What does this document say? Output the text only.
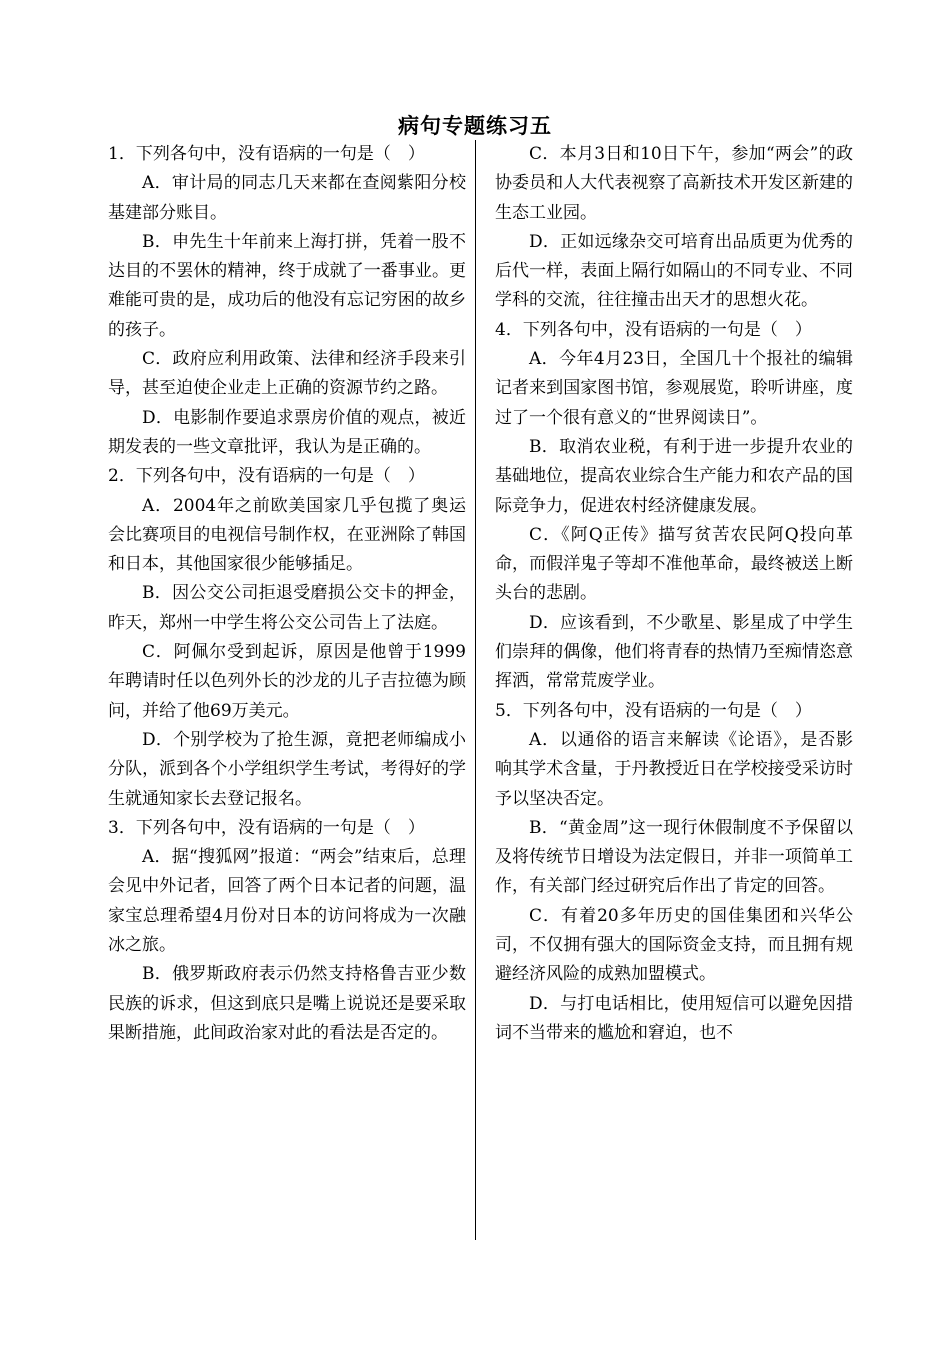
病句专题练习五

1．下列各句中，没有语病的一句是（　）

A．审计局的同志几天来都在查阅紫阳分校基建部分账目。

B．申先生十年前来上海打拼，凭着一股不达目的不罢休的精神，终于成就了一番事业。更难能可贵的是，成功后的他没有忘记穷困的故乡的孩子。

C．政府应利用政策、法律和经济手段来引导，甚至迫使企业走上正确的资源节约之路。

D．电影制作要追求票房价值的观点，被近期发表的一些文章批评，我认为是正确的。

2．下列各句中，没有语病的一句是（　）

A．2004年之前欧美国家几乎包揽了奥运会比赛项目的电视信号制作权，在亚洲除了韩国和日本，其他国家很少能够插足。

B．因公交公司拒退受磨损公交卡的押金，昨天，郑州一中学生将公交公司告上了法庭。

C．阿佩尔受到起诉，原因是他曾于1999年聘请时任以色列外长的沙龙的儿子吉拉德为顾问，并给了他69万美元。

D．个别学校为了抢生源，竟把老师编成小分队，派到各个小学组织学生考试，考得好的学生就通知家长去登记报名。

3．下列各句中，没有语病的一句是（　）

A．据“搜狐网”报道：“两会”结束后，总理会见中外记者，回答了两个日本记者的问题，温家宝总理希望4月份对日本的访问将成为一次融冰之旅。

B．俄罗斯政府表示仍然支持格鲁吉亚少数民族的诉求，但这到底只是嘴上说说还是要采取果断措施，此间政治家对此的看法是否定的。

C．本月3日和10日下午，参加“两会”的政协委员和人大代表视察了高新技术开发区新建的生态工业园。

D．正如远缘杂交可培育出品质更为优秀的后代一样，表面上隔行如隔山的不同专业、不同学科的交流，往往撞击出天才的思想火花。

4．下列各句中，没有语病的一句是（　）

A．今年4月23日，全国几十个报社的编辑记者来到国家图书馆，参观展览，聆听讲座，度过了一个很有意义的“世界阅读日”。

B．取消农业税，有利于进一步提升农业的基础地位，提高农业综合生产能力和农产品的国际竞争力，促进农村经济健康发展。

C．《阿Q正传》描写贫苦农民阿Q投向革命，而假洋鬼子等却不准他革命，最终被送上断头台的悲剧。

D．应该看到，不少歌星、影星成了中学生们崇拜的偶像，他们将青春的热情乃至痴情恣意挥洒，常常荒废学业。

5．下列各句中，没有语病的一句是（　）

A．以通俗的语言来解读《论语》，是否影响其学术含量，于丹教授近日在学校接受采访时予以坚决否定。

B．“黄金周”这一现行休假制度不予保留以及将传统节日增设为法定假日，并非一项简单工作，有关部门经过研究后作出了肯定的回答。

C．有着20多年历史的国佳集团和兴华公司，不仅拥有强大的国际资金支持，而且拥有规避经济风险的成熟加盟模式。

D．与打电话相比，使用短信可以避免因措词不当带来的尴尬和窘迫，也不
